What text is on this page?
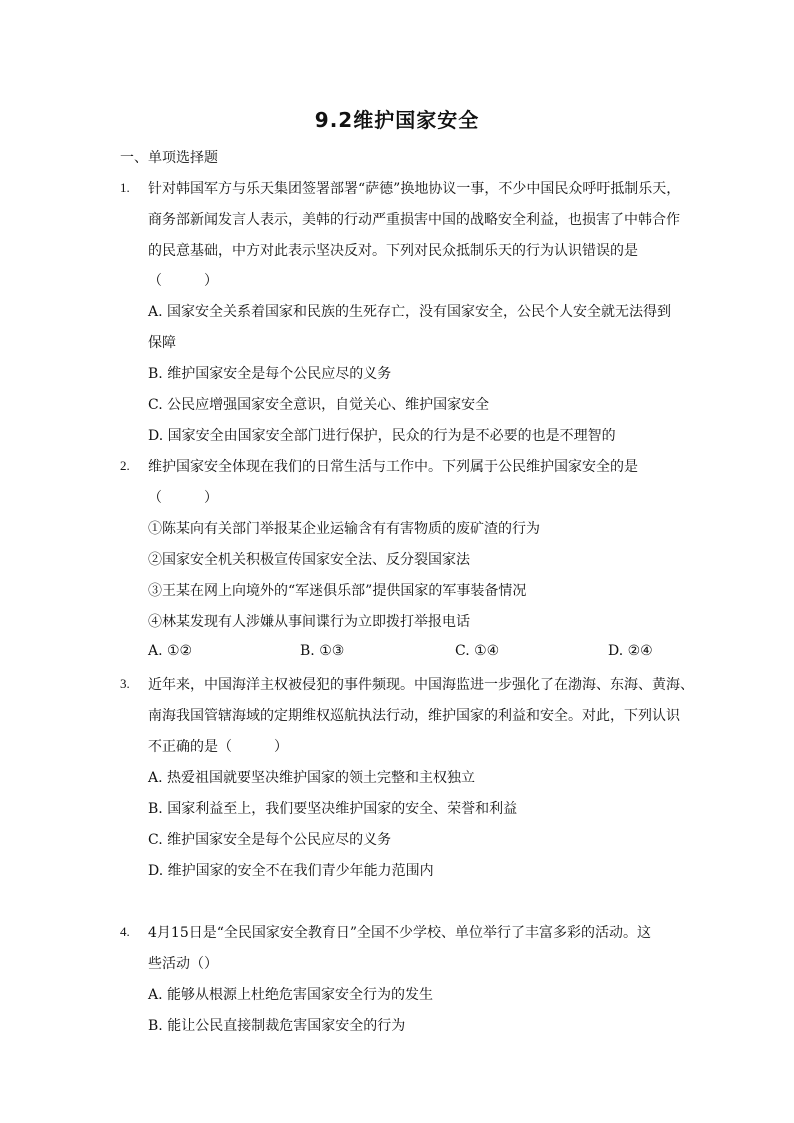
9.2维护国家安全
一、单项选择题
1. 针对韩国军方与乐天集团签署部署“萨德”换地协议一事，不少中国民众呼吁抵制乐天，
商务部新闻发言人表示，美韩的行动严重损害中国的战略安全利益，也损害了中韩合作
的民意基础，中方对此表示坚决反对。下列对民众抵制乐天的行为认识错误的是
（　　　）
A. 国家安全关系着国家和民族的生死存亡，没有国家安全，公民个人安全就无法得到
保障
B. 维护国家安全是每个公民应尽的义务
C. 公民应增强国家安全意识，自觉关心、维护国家安全
D. 国家安全由国家安全部门进行保护，民众的行为是不必要的也是不理智的
2. 维护国家安全体现在我们的日常生活与工作中。下列属于公民维护国家安全的是
（　　　）
①陈某向有关部门举报某企业运输含有有害物质的废矿渣的行为
②国家安全机关积极宣传国家安全法、反分裂国家法
③王某在网上向境外的“军迷俱乐部”提供国家的军事装备情况
④林某发现有人涉嫌从事间谍行为立即拨打举报电话
A. ①②	B. ①③	C. ①④	D. ②④
3. 近年来，中国海洋主权被侵犯的事件频现。中国海监进一步强化了在渤海、东海、黄海、
南海我国管辖海域的定期维权巡航执法行动，维护国家的利益和安全。对此，下列认识
不正确的是（　　　）
A. 热爱祖国就要坚决维护国家的领土完整和主权独立
B. 国家利益至上，我们要坚决维护国家的安全、荣誉和利益
C. 维护国家安全是每个公民应尽的义务
D. 维护国家的安全不在我们青少年能力范围内
4. 4月15日是“全民国家安全教育日”全国不少学校、单位举行了丰富多彩的活动。这
些活动（）
A. 能够从根源上杜绝危害国家安全行为的发生
B. 能让公民直接制裁危害国家安全的行为
